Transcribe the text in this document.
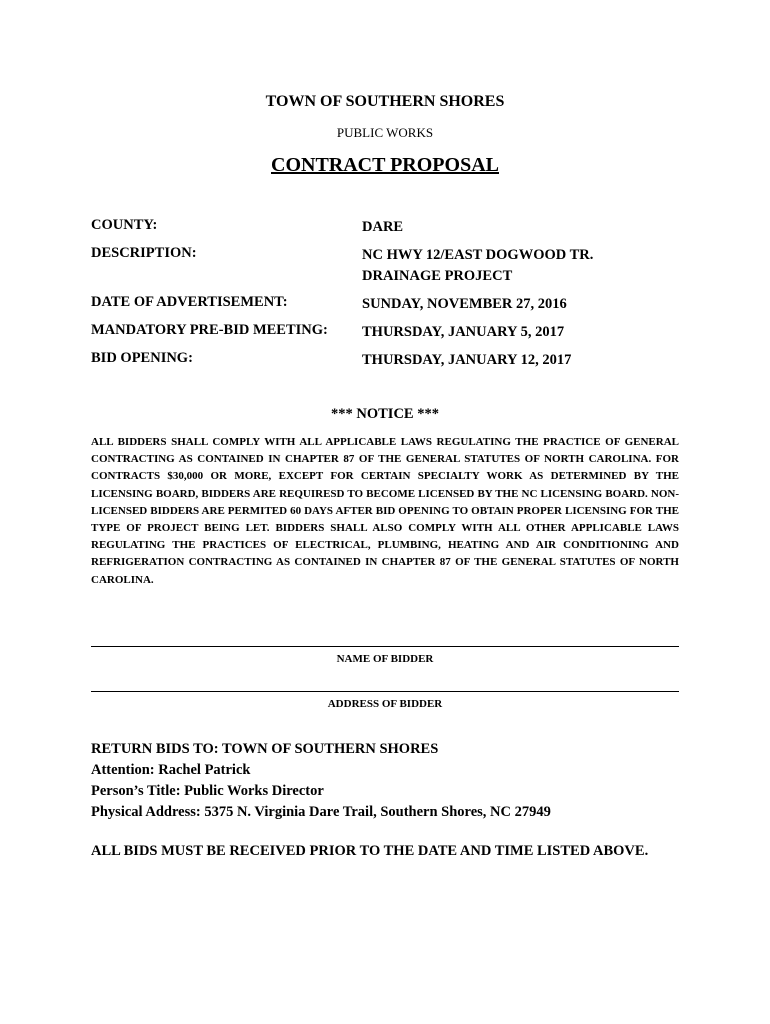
TOWN OF SOUTHERN SHORES
PUBLIC WORKS
CONTRACT PROPOSAL
COUNTY:	DARE
DESCRIPTION:	NC HWY 12/EAST DOGWOOD TR.
DRAINAGE PROJECT
DATE OF ADVERTISEMENT:	SUNDAY, NOVEMBER 27, 2016
MANDATORY PRE-BID MEETING: THURSDAY, JANUARY 5, 2017
BID OPENING:	THURSDAY, JANUARY 12, 2017
*** NOTICE ***
ALL BIDDERS SHALL COMPLY WITH ALL APPLICABLE LAWS REGULATING THE PRACTICE OF GENERAL CONTRACTING AS CONTAINED IN CHAPTER 87 OF THE GENERAL STATUTES OF NORTH CAROLINA. FOR CONTRACTS $30,000 OR MORE, EXCEPT FOR CERTAIN SPECIALTY WORK AS DETERMINED BY THE LICENSING BOARD, BIDDERS ARE REQUIRESD TO BECOME LICENSED BY THE NC LICENSING BOARD. NON-LICENSED BIDDERS ARE PERMITED 60 DAYS AFTER BID OPENING TO OBTAIN PROPER LICENSING FOR THE TYPE OF PROJECT BEING LET. BIDDERS SHALL ALSO COMPLY WITH ALL OTHER APPLICABLE LAWS REGULATING THE PRACTICES OF ELECTRICAL, PLUMBING, HEATING AND AIR CONDITIONING AND REFRIGERATION CONTRACTING AS CONTAINED IN CHAPTER 87 OF THE GENERAL STATUTES OF NORTH CAROLINA.
NAME OF BIDDER
ADDRESS OF BIDDER
RETURN BIDS TO: TOWN OF SOUTHERN SHORES
Attention: Rachel Patrick
Person’s Title: Public Works Director
Physical Address: 5375 N. Virginia Dare Trail, Southern Shores, NC 27949
ALL BIDS MUST BE RECEIVED PRIOR TO THE DATE AND TIME LISTED ABOVE.
